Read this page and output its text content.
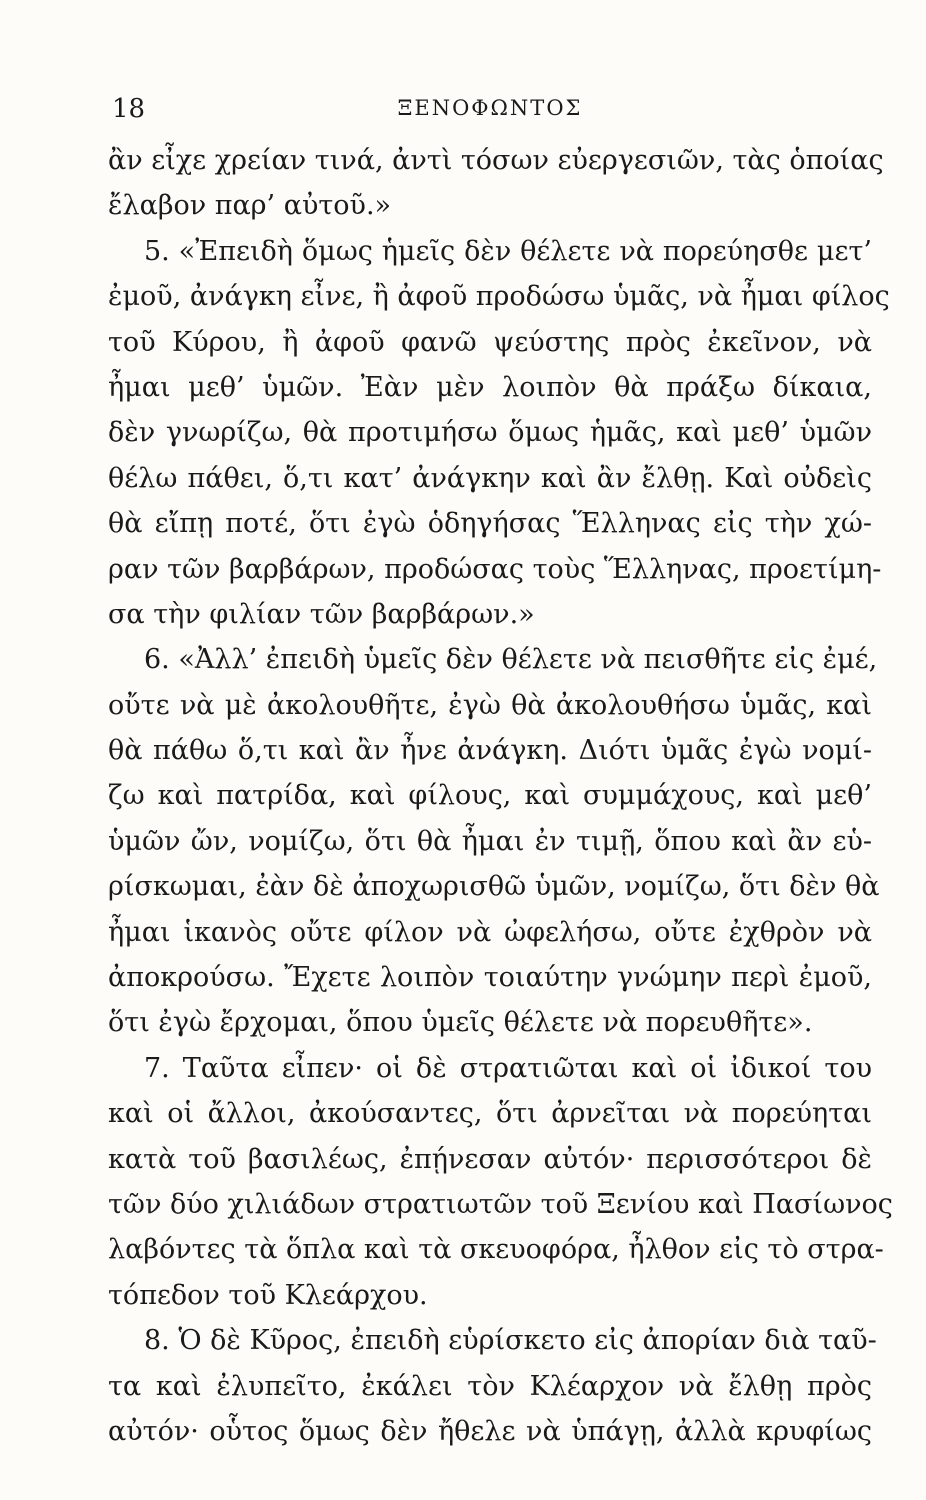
18	ΞΕΝΟΦΩΝΤΟΣ
ἂν εἶχε χρείαν τινά, ἀντὶ τόσων εὐεργεσιῶν, τὰς ὁποίας
ἔλαβον παρ’ αὐτοῦ.»
5. «Ἐπειδὴ ὅμως ἡμεῖς δὲν θέλετε νὰ πορεύησθε μετ’
ἐμοῦ, ἀνάγκη εἶνε, ἢ ἀφοῦ προδώσω ὑμᾶς, νὰ ἦμαι φίλος
τοῦ Κύρου, ἢ ἀφοῦ φανῶ ψεύστης πρὸς ἐκεῖνον, νὰ
ἦμαι μεθ’ ὑμῶν. Ἐὰν μὲν λοιπὸν θὰ πράξω δίκαια,
δὲν γνωρίζω, θὰ προτιμήσω ὅμως ἡμᾶς, καὶ μεθ’ ὑμῶν
θέλω πάθει, ὅ,τι κατ’ ἀνάγκην καὶ ἂν ἔλθῃ. Καὶ οὐδεὶς
θὰ εἴπῃ ποτέ, ὅτι ἐγὼ ὁδηγήσας Ἕλληνας εἰς τὴν χώ-
ραν τῶν βαρβάρων, προδώσας τοὺς Ἕλληνας, προετίμη-
σα τὴν φιλίαν τῶν βαρβάρων.»
6. «Ἀλλ’ ἐπειδὴ ὑμεῖς δὲν θέλετε νὰ πεισθῆτε εἰς ἐμέ,
οὔτε νὰ μὲ ἀκολουθῆτε, ἐγὼ θὰ ἀκολουθήσω ὑμᾶς, καὶ
θὰ πάθω ὅ,τι καὶ ἂν ἦνε ἀνάγκη. Διότι ὑμᾶς ἐγὼ νομί-
ζω καὶ πατρίδα, καὶ φίλους, καὶ συμμάχους, καὶ μεθ’
ὑμῶν ὤν, νομίζω, ὅτι θὰ ἦμαι ἐν τιμῇ, ὅπου καὶ ἂν εὑ-
ρίσκωμαι, ἐὰν δὲ ἀποχωρισθῶ ὑμῶν, νομίζω, ὅτι δὲν θὰ
ἦμαι ἱκανὸς οὔτε φίλον νὰ ὠφελήσω, οὔτε ἐχθρὸν νὰ
ἀποκρούσω. Ἔχετε λοιπὸν τοιαύτην γνώμην περὶ ἐμοῦ,
ὅτι ἐγὼ ἔρχομαι, ὅπου ὑμεῖς θέλετε νὰ πορευθῆτε».
7. Ταῦτα εἶπεν· οἱ δὲ στρατιῶται καὶ οἱ ἰδικοί του
καὶ οἱ ἄλλοι, ἀκούσαντες, ὅτι ἀρνεῖται νὰ πορεύηται
κατὰ τοῦ βασιλέως, ἐπῄνεσαν αὐτόν· περισσότεροι δὲ
τῶν δύο χιλιάδων στρατιωτῶν τοῦ Ξενίου καὶ Πασίωνος
λαβόντες τὰ ὅπλα καὶ τὰ σκευοφόρα, ἦλθον εἰς τὸ στρα-
τόπεδον τοῦ Κλεάρχου.
8. Ὁ δὲ Κῦρος, ἐπειδὴ εὑρίσκετο εἰς ἀπορίαν διὰ ταῦ-
τα καὶ ἐλυπεῖτο, ἐκάλει τὸν Κλέαρχον νὰ ἔλθῃ πρὸς
αὐτόν· οὗτος ὅμως δὲν ἤθελε νὰ ὑπάγῃ, ἀλλὰ κρυφίως
